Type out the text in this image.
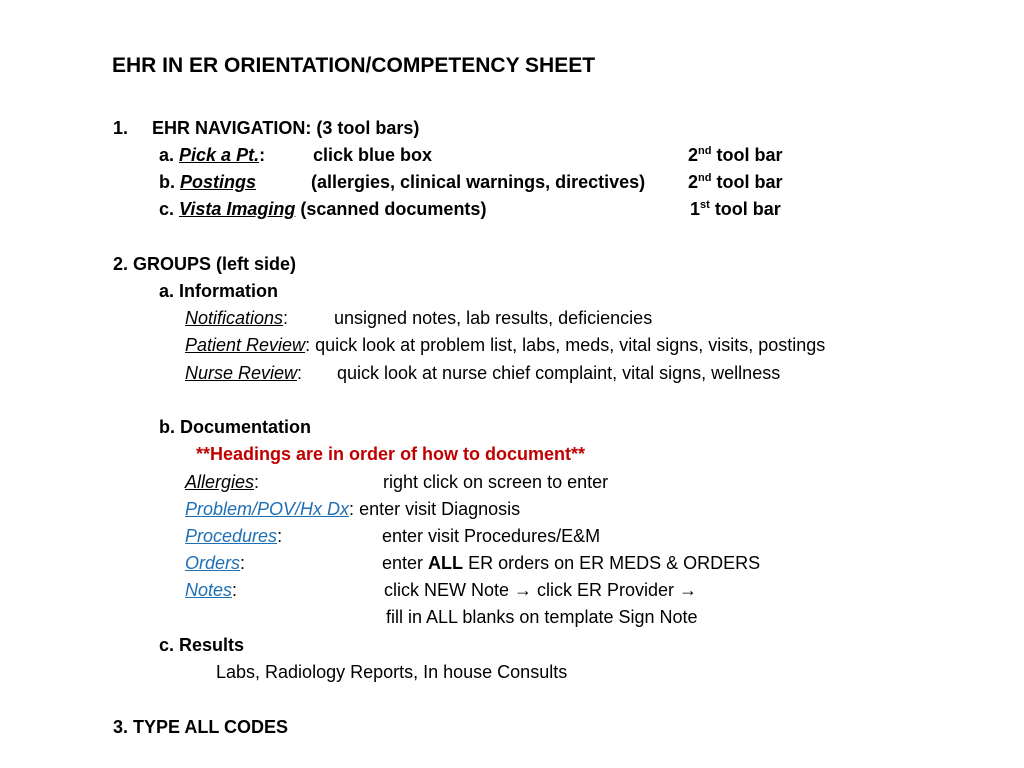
EHR IN ER ORIENTATION/COMPETENCY SHEET
1. EHR NAVIGATION: (3 tool bars)
a. Pick a Pt.:	click blue box	2nd tool bar
b. Postings	(allergies, clinical warnings, directives) 2nd tool bar
c. Vista Imaging (scanned documents)	1st tool bar
2. GROUPS (left side)
a. Information
Notifications:	unsigned notes, lab results, deficiencies
Patient Review: quick look at problem list, labs, meds, vital signs, visits, postings
Nurse Review: quick look at nurse chief complaint, vital signs, wellness
b. Documentation
**Headings are in order of how to document**
Allergies:	right click on screen to enter
Problem/POV/Hx Dx: enter visit Diagnosis
Procedures:	enter visit Procedures/E&M
Orders:	enter ALL ER orders on ER MEDS & ORDERS
Notes:	click NEW Note → click ER Provider →
fill in ALL blanks on template Sign Note
c. Results
Labs, Radiology Reports, In house Consults
3. TYPE ALL CODES
